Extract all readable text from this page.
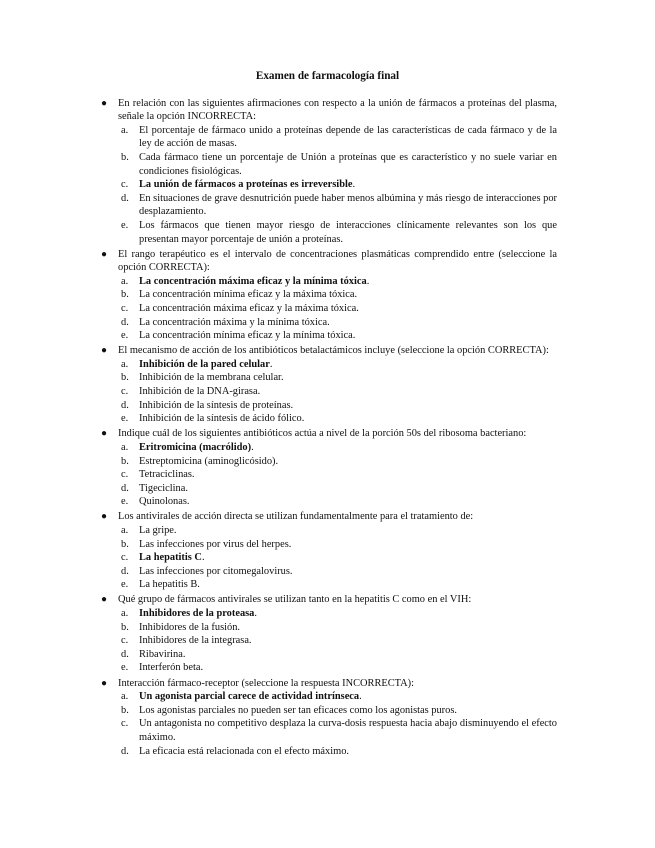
Examen de farmacología final
● En relación con las siguientes afirmaciones con respecto a la unión de fármacos a proteínas del plasma, señale la opción INCORRECTA:
a. El porcentaje de fármaco unido a proteínas depende de las características de cada fármaco y de la ley de acción de masas.
b. Cada fármaco tiene un porcentaje de Unión a proteínas que es característico y no suele variar en condiciones fisiológicas.
c. La unión de fármacos a proteínas es irreversible.
d. En situaciones de grave desnutrición puede haber menos albúmina y más riesgo de interacciones por desplazamiento.
e. Los fármacos que tienen mayor riesgo de interacciones clínicamente relevantes son los que presentan mayor porcentaje de unión a proteínas.
● El rango terapéutico es el intervalo de concentraciones plasmáticas comprendido entre (seleccione la opción CORRECTA):
a. La concentración máxima eficaz y la mínima tóxica.
b. La concentración mínima eficaz y la máxima tóxica.
c. La concentración máxima eficaz y la máxima tóxica.
d. La concentración máxima y la mínima tóxica.
e. La concentración mínima eficaz y la mínima tóxica.
● El mecanismo de acción de los antibióticos betalactámicos incluye (seleccione la opción CORRECTA):
a. Inhibición de la pared celular.
b. Inhibición de la membrana celular.
c. Inhibición de la DNA-girasa.
d. Inhibición de la síntesis de proteínas.
e. Inhibición de la síntesis de ácido fólico.
● Indique cuál de los siguientes antibióticos actúa a nivel de la porción 50s del ribosoma bacteriano:
a. Eritromicina (macrólido).
b. Estreptomicina (aminoglicósido).
c. Tetraciclinas.
d. Tigeciclina.
e. Quinolonas.
● Los antivirales de acción directa se utilizan fundamentalmente para el tratamiento de:
a. La gripe.
b. Las infecciones por virus del herpes.
c. La hepatitis C.
d. Las infecciones por citomegalovirus.
e. La hepatitis B.
● Qué grupo de fármacos antivirales se utilizan tanto en la hepatitis C como en el VIH:
a. Inhibidores de la proteasa.
b. Inhibidores de la fusión.
c. Inhibidores de la integrasa.
d. Ribavirina.
e. Interferón beta.
● Interacción fármaco-receptor (seleccione la respuesta INCORRECTA):
a. Un agonista parcial carece de actividad intrínseca.
b. Los agonistas parciales no pueden ser tan eficaces como los agonistas puros.
c. Un antagonista no competitivo desplaza la curva-dosis respuesta hacia abajo disminuyendo el efecto máximo.
d. La eficacia está relacionada con el efecto máximo.
